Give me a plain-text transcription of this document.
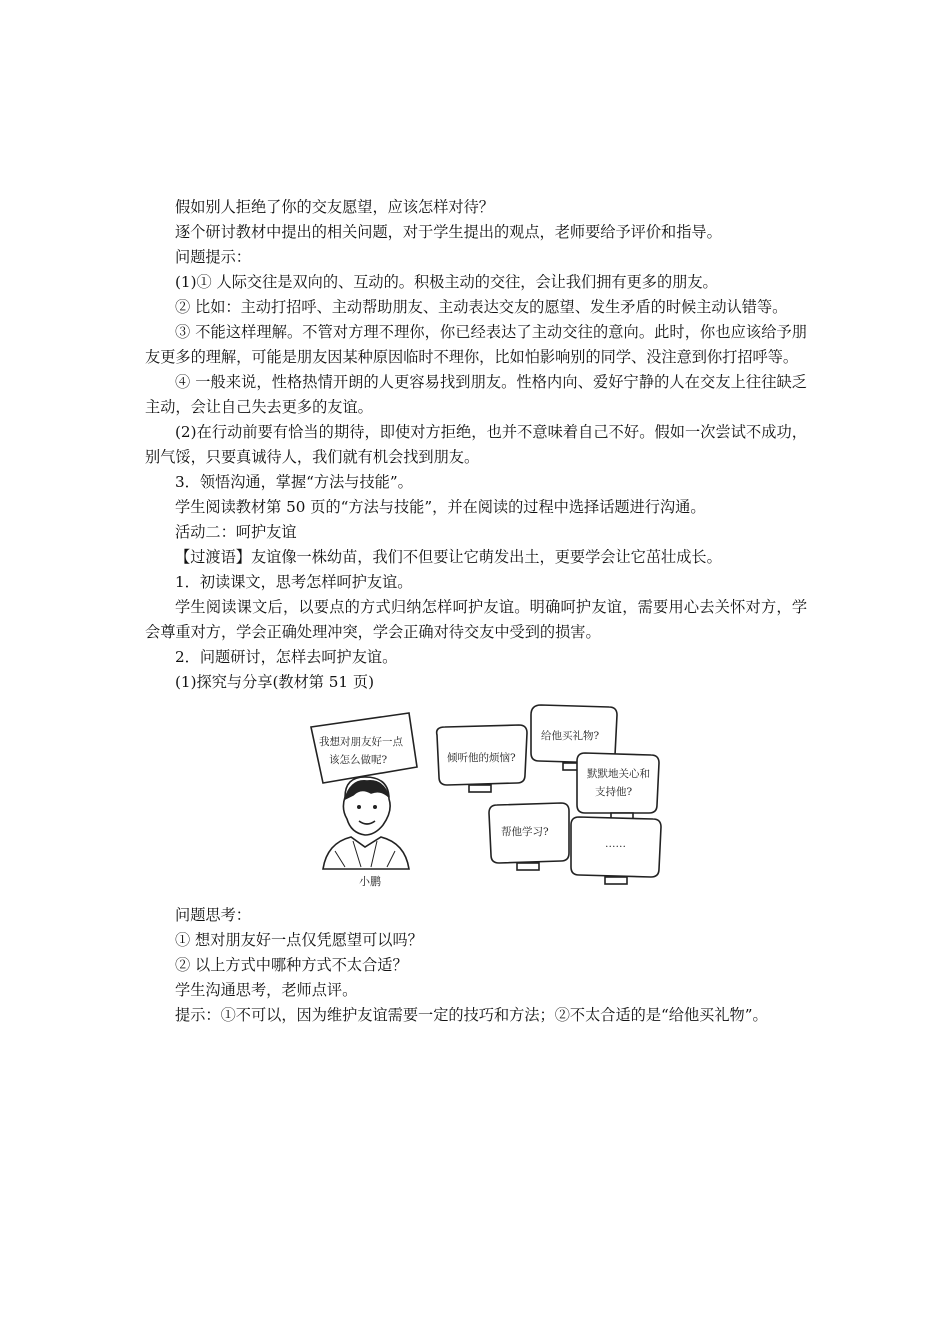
假如别人拒绝了你的交友愿望，应该怎样对待？

逐个研讨教材中提出的相关问题，对于学生提出的观点，老师要给予评价和指导。

问题提示：

(1)① 人际交往是双向的、互动的。积极主动的交往，会让我们拥有更多的朋友。

② 比如：主动打招呼、主动帮助朋友、主动表达交友的愿望、发生矛盾的时候主动认错等。

③ 不能这样理解。不管对方理不理你，你已经表达了主动交往的意向。此时，你也应该给予朋友更多的理解，可能是朋友因某种原因临时不理你，比如怕影响别的同学、没注意到你打招呼等。

④ 一般来说，性格热情开朗的人更容易找到朋友。性格内向、爱好宁静的人在交友上往往缺乏主动，会让自己失去更多的友谊。

(2)在行动前要有恰当的期待，即使对方拒绝，也并不意味着自己不好。假如一次尝试不成功，别气馁，只要真诚待人，我们就有机会找到朋友。

3．领悟沟通，掌握“方法与技能”。

学生阅读教材第 50 页的“方法与技能”，并在阅读的过程中选择话题进行沟通。

活动二：呵护友谊

【过渡语】友谊像一株幼苗，我们不但要让它萌发出土，更要学会让它茁壮成长。

1．初读课文，思考怎样呵护友谊。

学生阅读课文后，以要点的方式归纳怎样呵护友谊。明确呵护友谊，需要用心去关怀对方，学会尊重对方，学会正确处理冲突，学会正确对待交友中受到的损害。

2．问题研讨，怎样去呵护友谊。

(1)探究与分享(教材第 51 页)

我想对朋友好一点
该怎么做呢?
小鹏
倾听他的烦恼?
给他买礼物?
默默地关心和
支持他?
帮他学习?
……

问题思考：

① 想对朋友好一点仅凭愿望可以吗？

② 以上方式中哪种方式不太合适？

学生沟通思考，老师点评。

提示：①不可以，因为维护友谊需要一定的技巧和方法；②不太合适的是“给他买礼物”。
